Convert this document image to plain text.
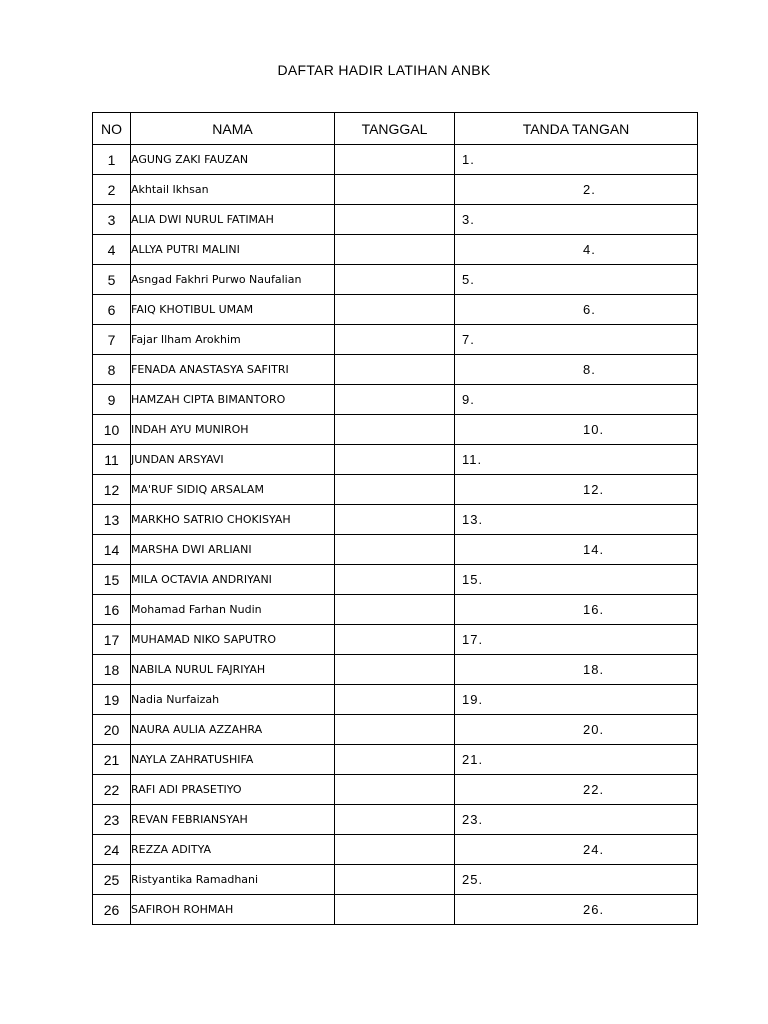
DAFTAR HADIR LATIHAN ANBK
NO	NAMA	TANGGAL	TANDA TANGAN
1	AGUNG ZAKI FAUZAN		1.
2	Akhtail Ikhsan		2.
3	ALIA DWI NURUL FATIMAH		3.
4	ALLYA PUTRI MALINI		4.
5	Asngad Fakhri Purwo Naufalian		5.
6	FAIQ KHOTIBUL UMAM		6.
7	Fajar Ilham Arokhim		7.
8	FENADA ANASTASYA SAFITRI		8.
9	HAMZAH CIPTA BIMANTORO		9.
10	INDAH AYU MUNIROH		10.
11	JUNDAN ARSYAVI		11.
12	MA'RUF SIDIQ ARSALAM		12.
13	MARKHO SATRIO CHOKISYAH		13.
14	MARSHA DWI ARLIANI		14.
15	MILA OCTAVIA ANDRIYANI		15.
16	Mohamad Farhan Nudin		16.
17	MUHAMAD NIKO SAPUTRO		17.
18	NABILA NURUL FAJRIYAH		18.
19	Nadia Nurfaizah		19.
20	NAURA AULIA AZZAHRA		20.
21	NAYLA ZAHRATUSHIFA		21.
22	RAFI ADI PRASETIYO		22.
23	REVAN FEBRIANSYAH		23.
24	REZZA ADITYA		24.
25	Ristyantika Ramadhani		25.
26	SAFIROH ROHMAH		26.
